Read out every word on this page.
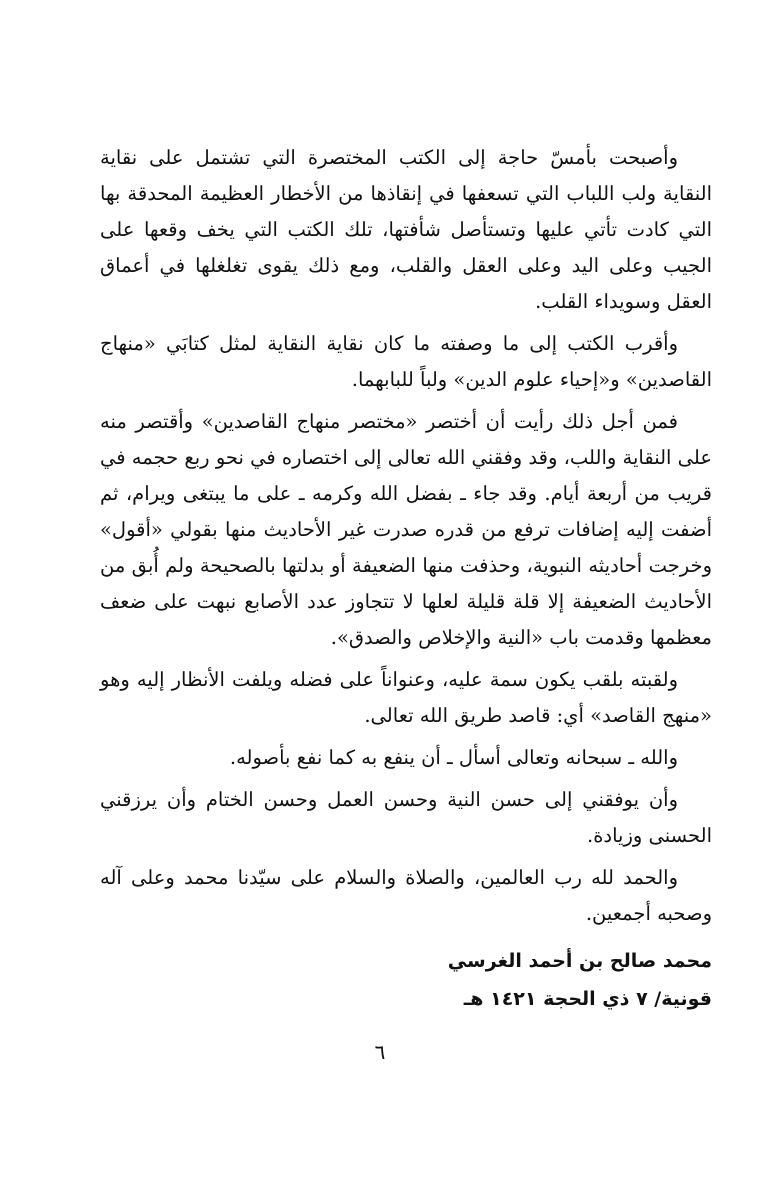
وأصبحت بأمسّ حاجة إلى الكتب المختصرة التي تشتمل على نقاية النقاية ولب اللباب التي تسعفها في إنقاذها من الأخطار العظيمة المحدقة بها التي كادت تأتي عليها وتستأصل شأفتها، تلك الكتب التي يخف وقعها على الجيب وعلى اليد وعلى العقل والقلب، ومع ذلك يقوى تغلغلها في أعماق العقل وسويداء القلب.

وأقرب الكتب إلى ما وصفته ما كان نقاية النقاية لمثل كتابَي «منهاج القاصدين» و«إحياء علوم الدين» ولباً للبابهما.

فمن أجل ذلك رأيت أن أختصر «مختصر منهاج القاصدين» وأقتصر منه على النقاية واللب، وقد وفقني الله تعالى إلى اختصاره في نحو ربع حجمه في قريب من أربعة أيام. وقد جاء ـ بفضل الله وكرمه ـ على ما يبتغى ويرام، ثم أضفت إليه إضافات ترفع من قدره صدرت غير الأحاديث منها بقولي «أقول» وخرجت أحاديثه النبوية، وحذفت منها الضعيفة أو بدلتها بالصحيحة ولم أُبق من الأحاديث الضعيفة إلا قلة قليلة لعلها لا تتجاوز عدد الأصابع نبهت على ضعف معظمها وقدمت باب «النية والإخلاص والصدق».

ولقبته بلقب يكون سمة عليه، وعنواناً على فضله ويلفت الأنظار إليه وهو «منهج القاصد» أي: قاصد طريق الله تعالى.

والله ـ سبحانه وتعالى أسأل ـ أن ينفع به كما نفع بأصوله.

وأن يوفقني إلى حسن النية وحسن العمل وحسن الختام وأن يرزقني الحسنى وزيادة.

والحمد لله رب العالمين، والصلاة والسلام على سيّدنا محمد وعلى آله وصحبه أجمعين.

محمد صالح بن أحمد الغرسي
قونية/ ٧ ذي الحجة ١٤٢١ هـ
٦
